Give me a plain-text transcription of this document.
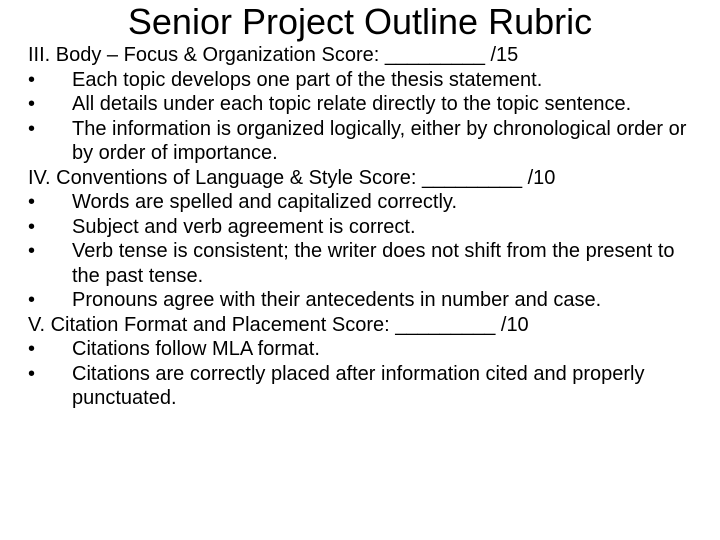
Senior Project Outline Rubric
III. Body – Focus & Organization Score: _________ /15
• Each topic develops one part of the thesis statement.
• All details under each topic relate directly to the topic sentence.
• The information is organized logically, either by chronological order or by order of importance.
IV. Conventions of Language & Style Score: _________ /10
• Words are spelled and capitalized correctly.
• Subject and verb agreement is correct.
• Verb tense is consistent; the writer does not shift from the present to the past tense.
• Pronouns agree with their antecedents in number and case.
V. Citation Format and Placement Score: _________ /10
• Citations follow MLA format.
• Citations are correctly placed after information cited and properly punctuated.
